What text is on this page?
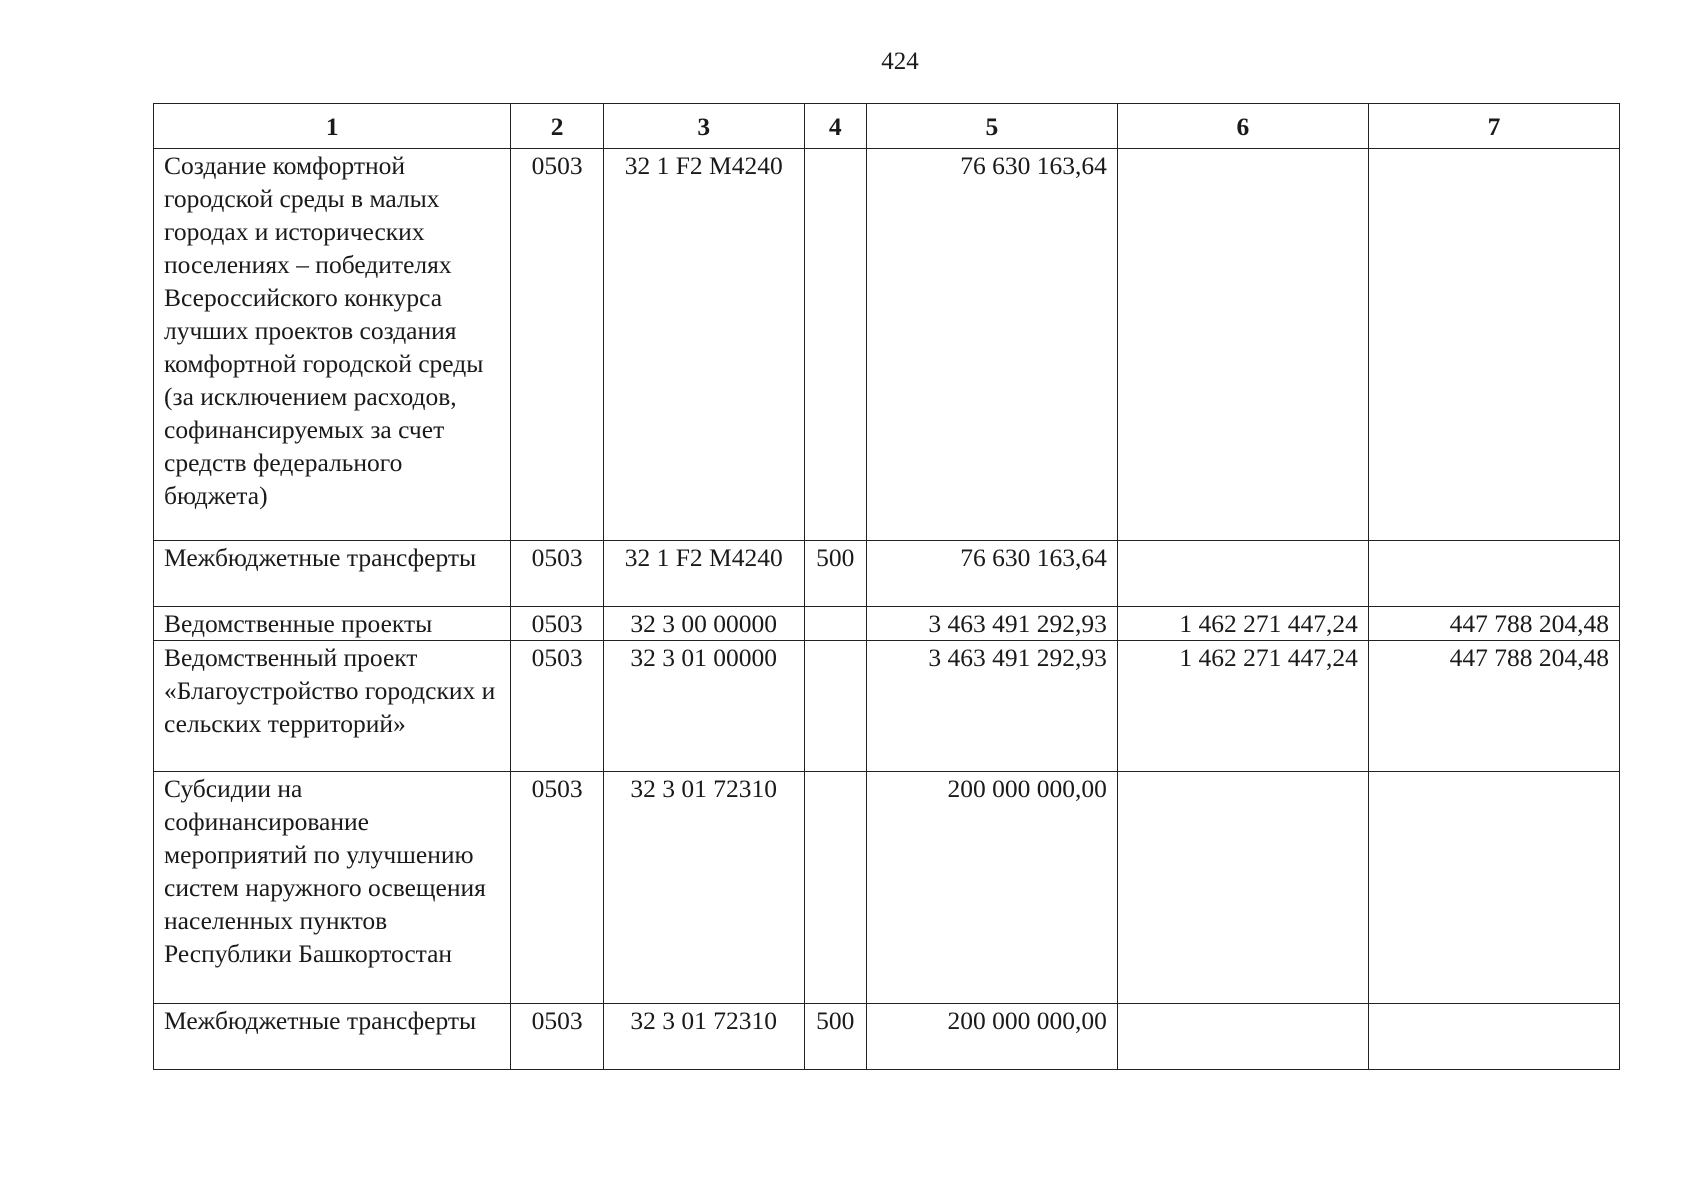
424
1	2	3	4	5	6	7
Создание комфортной городской среды в малых городах и исторических поселениях – победителях Всероссийского конкурса лучших проектов создания комфортной городской среды (за исключением расходов, софинансируемых за счет средств федерального бюджета)	0503	32 1 F2 M4240		76 630 163,64		
Межбюджетные трансферты	0503	32 1 F2 M4240	500	76 630 163,64		
Ведомственные проекты	0503	32 3 00 00000		3 463 491 292,93	1 462 271 447,24	447 788 204,48
Ведомственный проект «Благоустройство городских и сельских территорий»	0503	32 3 01 00000		3 463 491 292,93	1 462 271 447,24	447 788 204,48
Субсидии на софинансирование мероприятий по улучшению систем наружного освещения населенных пунктов Республики Башкортостан	0503	32 3 01 72310		200 000 000,00		
Межбюджетные трансферты	0503	32 3 01 72310	500	200 000 000,00		
